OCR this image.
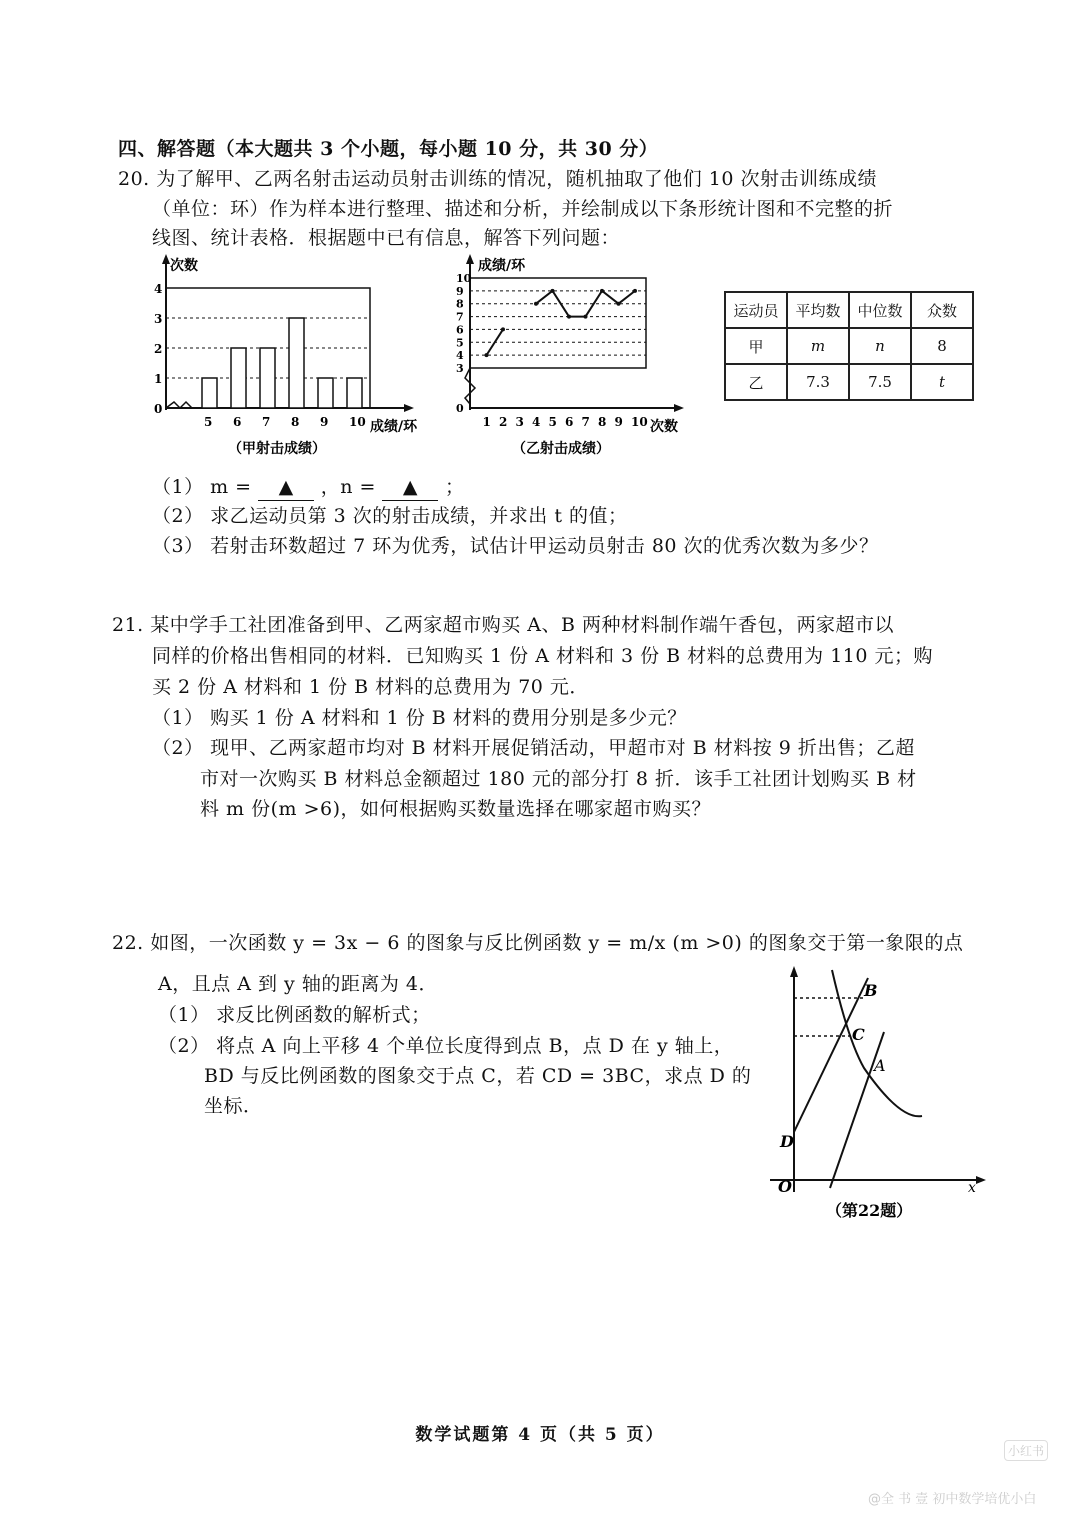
四、解答题（本大题共 3 个小题，每小题 10 分，共 30 分）
20. 为了解甲、乙两名射击运动员射击训练的情况，随机抽取了他们 10 次射击训练成绩
（单位：环）作为样本进行整理、描述和分析，并绘制成以下条形统计图和不完整的折
线图、统计表格．根据题中已有信息，解答下列问题：
次数
成绩/环
（甲射击成绩）
0
1
2
3
4
5 6 7 8 9 10
成绩/环
次数
（乙射击成绩）
0
3
4
5
6
7
8
9
10
1 2 3 4 5 6 7 8 9 10
运动员	平均数	中位数	众数
甲	m	n	8
乙	7.3	7.5	t
（1） m = ▲ ，n = ▲ ；
（2） 求乙运动员第 3 次的射击成绩，并求出 t 的值；
（3） 若射击环数超过 7 环为优秀，试估计甲运动员射击 80 次的优秀次数为多少？
21. 某中学手工社团准备到甲、乙两家超市购买 A、B 两种材料制作端午香包，两家超市以
同样的价格出售相同的材料．已知购买 1 份 A 材料和 3 份 B 材料的总费用为 110 元；购
买 2 份 A 材料和 1 份 B 材料的总费用为 70 元．
（1） 购买 1 份 A 材料和 1 份 B 材料的费用分别是多少元？
（2） 现甲、乙两家超市均对 B 材料开展促销活动，甲超市对 B 材料按 9 折出售；乙超
市对一次购买 B 材料总金额超过 180 元的部分打 8 折．该手工社团计划购买 B 材
料 m 份(m >6)，如何根据购买数量选择在哪家超市购买？
22. 如图，一次函数 y = 3x − 6 的图象与反比例函数 y = m/x (m >0) 的图象交于第一象限的点
A，且点 A 到 y 轴的距离为 4．
（1） 求反比例函数的解析式；
（2） 将点 A 向上平移 4 个单位长度得到点 B，点 D 在 y 轴上，
BD 与反比例函数的图象交于点 C，若 CD = 3BC，求点 D 的
坐标．
B
C
A
D
O	x
（第22题）
数学试题第 4 页（共 5 页）
小红书
@全 书 壹 初中数学培优小白
